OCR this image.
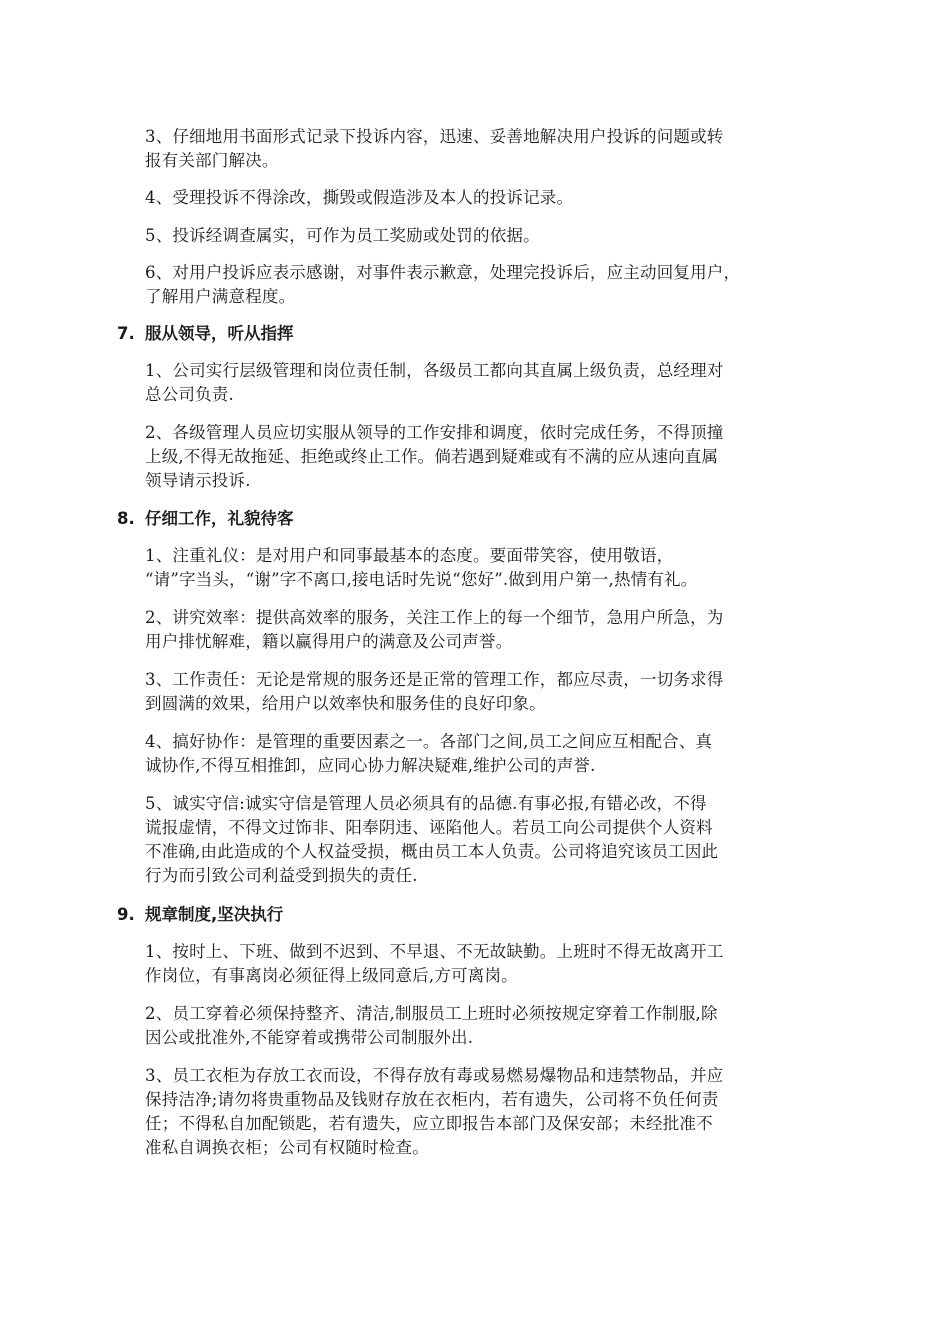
3、仔细地用书面形式记录下投诉内容，迅速、妥善地解决用户投诉的问题或转
报有关部门解决。
4、受理投诉不得涂改，撕毁或假造涉及本人的投诉记录。
5、投诉经调查属实，可作为员工奖励或处罚的依据。
6、对用户投诉应表示感谢，对事件表示歉意，处理完投诉后，应主动回复用户，
了解用户满意程度。
7. 服从领导，听从指挥
1、公司实行层级管理和岗位责任制，各级员工都向其直属上级负责，总经理对
总公司负责.
2、各级管理人员应切实服从领导的工作安排和调度，依时完成任务，不得顶撞
上级,不得无故拖延、拒绝或终止工作。倘若遇到疑难或有不满的应从速向直属
领导请示投诉.
8. 仔细工作，礼貌待客
1、注重礼仪：是对用户和同事最基本的态度。要面带笑容，使用敬语，
“请”字当头，“谢”字不离口,接电话时先说“您好”.做到用户第一,热情有礼。
2、讲究效率：提供高效率的服务，关注工作上的每一个细节，急用户所急，为
用户排忧解难，籍以赢得用户的满意及公司声誉。
3、工作责任：无论是常规的服务还是正常的管理工作，都应尽责，一切务求得
到圆满的效果，给用户以效率快和服务佳的良好印象。
4、搞好协作：是管理的重要因素之一。各部门之间,员工之间应互相配合、真
诚协作,不得互相推卸，应同心协力解决疑难,维护公司的声誉.
5、诚实守信:诚实守信是管理人员必须具有的品德.有事必报,有错必改，不得
谎报虚情，不得文过饰非、阳奉阴违、诬陷他人。若员工向公司提供个人资料
不准确,由此造成的个人权益受损，概由员工本人负责。公司将追究该员工因此
行为而引致公司利益受到损失的责任.
9. 规章制度,坚决执行
1、按时上、下班、做到不迟到、不早退、不无故缺勤。上班时不得无故离开工
作岗位，有事离岗必须征得上级同意后,方可离岗。
2、员工穿着必须保持整齐、清洁,制服员工上班时必须按规定穿着工作制服,除
因公或批准外,不能穿着或携带公司制服外出.
3、员工衣柜为存放工衣而设，不得存放有毒或易燃易爆物品和违禁物品，并应
保持洁净;请勿将贵重物品及钱财存放在衣柜内，若有遗失，公司将不负任何责
任；不得私自加配锁匙，若有遗失，应立即报告本部门及保安部；未经批准不
准私自调换衣柜；公司有权随时检查。
